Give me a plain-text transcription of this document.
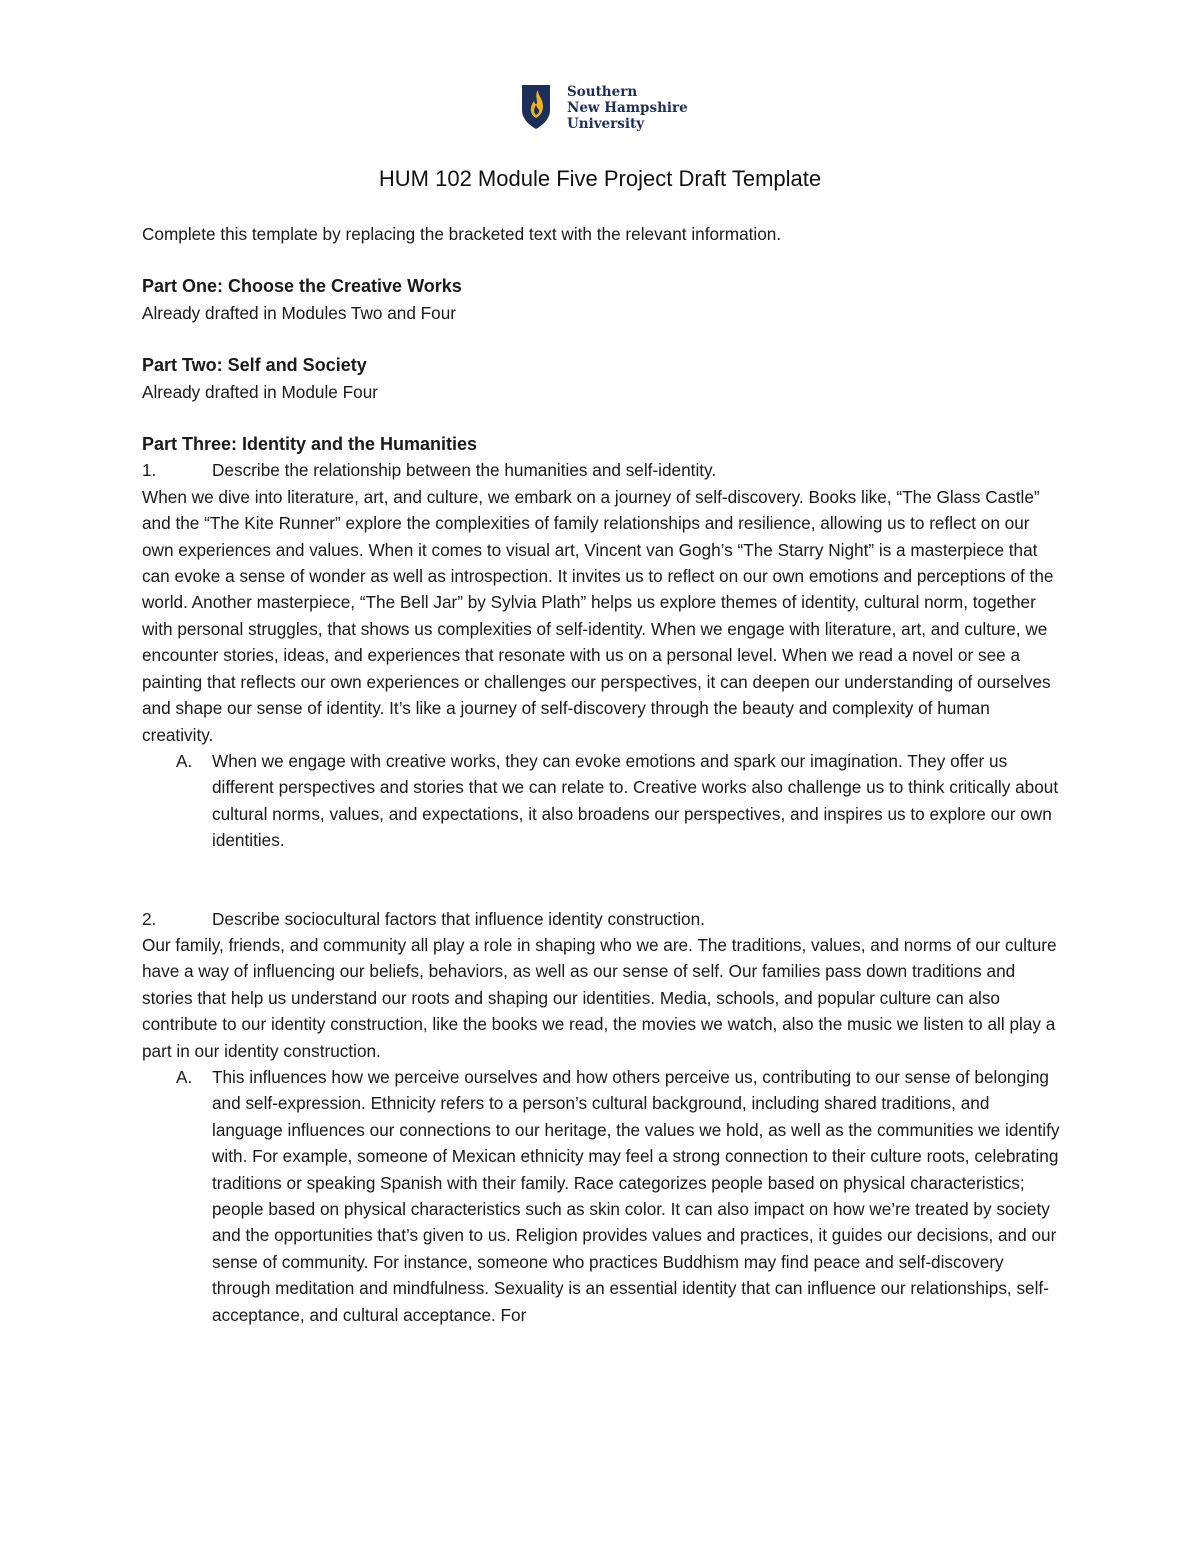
Southern
New Hampshire
University
HUM 102 Module Five Project Draft Template

Complete this template by replacing the bracketed text with the relevant information.

Part One: Choose the Creative Works

Already drafted in Modules Two and Four

Part Two: Self and Society

Already drafted in Module Four

Part Three: Identity and the Humanities

1.	Describe the relationship between the humanities and self-identity.

When we dive into literature, art, and culture, we embark on a journey of self-discovery. Books like, “The Glass Castle” and the “The Kite Runner” explore the complexities of family relationships and resilience, allowing us to reflect on our own experiences and values. When it comes to visual art, Vincent van Gogh’s “The Starry Night” is a masterpiece that can evoke a sense of wonder as well as introspection. It invites us to reflect on our own emotions and perceptions of the world. Another masterpiece, “The Bell Jar” by Sylvia Plath” helps us explore themes of identity, cultural norm, together with personal struggles, that shows us complexities of self-identity. When we engage with literature, art, and culture, we encounter stories, ideas, and experiences that resonate with us on a personal level. When we read a novel or see a painting that reflects our own experiences or challenges our perspectives, it can deepen our understanding of ourselves and shape our sense of identity. It’s like a journey of self-discovery through the beauty and complexity of human creativity.

A.	When we engage with creative works, they can evoke emotions and spark our imagination. They offer us different perspectives and stories that we can relate to. Creative works also challenge us to think critically about cultural norms, values, and expectations, it also broadens our perspectives, and inspires us to explore our own identities.
2.	Describe sociocultural factors that influence identity construction.

Our family, friends, and community all play a role in shaping who we are. The traditions, values, and norms of our culture have a way of influencing our beliefs, behaviors, as well as our sense of self. Our families pass down traditions and stories that help us understand our roots and shaping our identities. Media, schools, and popular culture can also contribute to our identity construction, like the books we read, the movies we watch, also the music we listen to all play a part in our identity construction.

A.	This influences how we perceive ourselves and how others perceive us, contributing to our sense of belonging and self-expression. Ethnicity refers to a person’s cultural background, including shared traditions, and language influences our connections to our heritage, the values we hold, as well as the communities we identify with. For example, someone of Mexican ethnicity may feel a strong connection to their culture roots, celebrating traditions or speaking Spanish with their family. Race categorizes people based on physical characteristics; people based on physical characteristics such as skin color. It can also impact on how we’re treated by society and the opportunities that’s given to us. Religion provides values and practices, it guides our decisions, and our sense of community. For instance, someone who practices Buddhism may find peace and self-discovery through meditation and mindfulness. Sexuality is an essential identity that can influence our relationships, self-acceptance, and cultural acceptance. For
